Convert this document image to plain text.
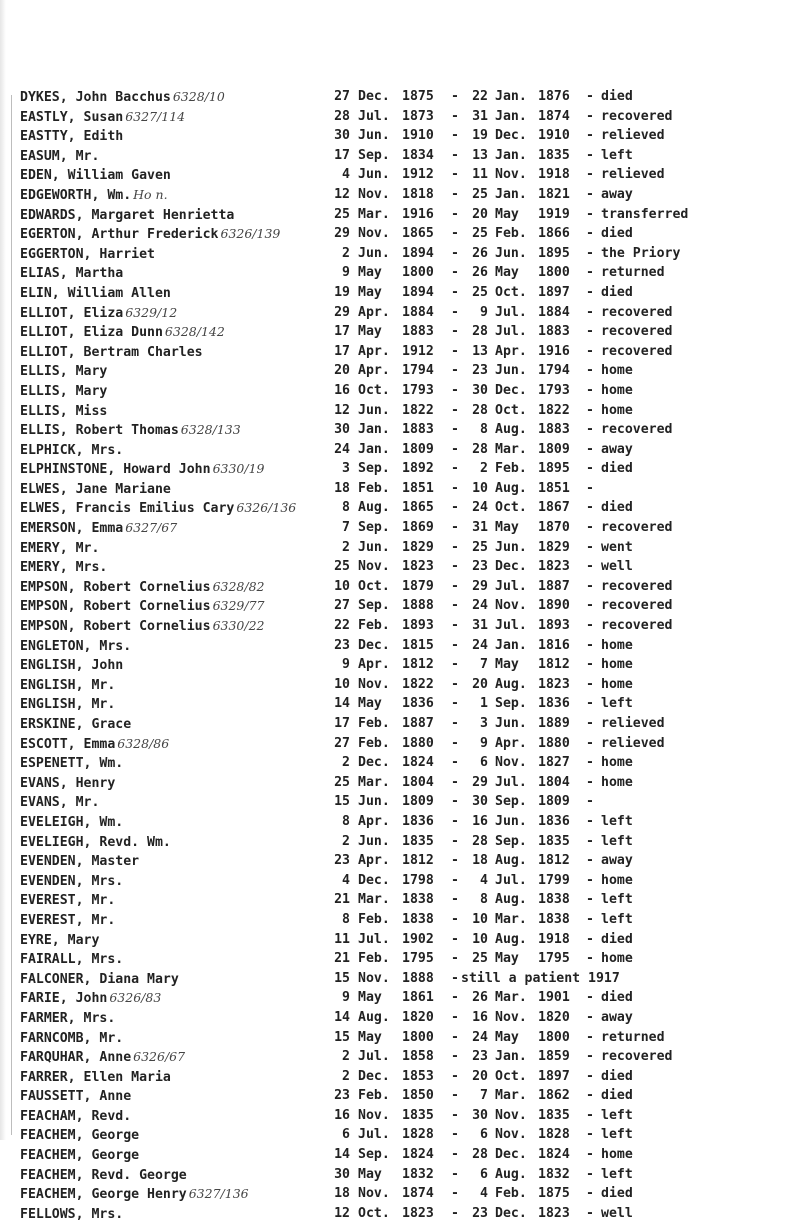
DYKES, John Bacchus 6328/10	27 Dec. 1875 - 22 Jan. 1876 - died
EASTLY, Susan 6327/114	28 Jul. 1873 - 31 Jan. 1874 - recovered
EASTTY, Edith	30 Jun. 1910 - 19 Dec. 1910 - relieved
EASUM, Mr.	17 Sep. 1834 - 13 Jan. 1835 - left
EDEN, William Gaven	4 Jun. 1912 - 11 Nov. 1918 - relieved
EDGEWORTH, Wm. Ho n.	12 Nov. 1818 - 25 Jan. 1821 - away
EDWARDS, Margaret Henrietta	25 Mar. 1916 - 20 May 1919 - transferred
EGERTON, Arthur Frederick 6326/139	29 Nov. 1865 - 25 Feb. 1866 - died
EGGERTON, Harriet	2 Jun. 1894 - 26 Jun. 1895 - the Priory
ELIAS, Martha	9 May 1800 - 26 May 1800 - returned
ELIN, William Allen	19 May 1894 - 25 Oct. 1897 - died
ELLIOT, Eliza 6329/12	29 Apr. 1884 -	9 Jul. 1884 - recovered
ELLIOT, Eliza Dunn 6328/142	17 May 1883 - 28 Jul. 1883 - recovered
ELLIOT, Bertram Charles	17 Apr. 1912 - 13 Apr. 1916 - recovered
ELLIS, Mary	20 Apr. 1794 - 23 Jun. 1794 - home
ELLIS, Mary	16 Oct. 1793 - 30 Dec. 1793 - home
ELLIS, Miss	12 Jun. 1822 - 28 Oct. 1822 - home
ELLIS, Robert Thomas 6328/133	30 Jan. 1883 -	8 Aug. 1883 - recovered
ELPHICK, Mrs.	24 Jan. 1809 - 28 Mar. 1809 - away
ELPHINSTONE, Howard John 6330/19	3 Sep. 1892 -	2 Feb. 1895 - died
ELWES, Jane Mariane	18 Feb. 1851 - 10 Aug. 1851 -
ELWES, Francis Emilius Cary 6326/136	8 Aug. 1865 - 24 Oct. 1867 - died
EMERSON, Emma 6327/67	7 Sep. 1869 - 31 May 1870 - recovered
EMERY, Mr.	2 Jun. 1829 - 25 Jun. 1829 - went
EMERY, Mrs.	25 Nov. 1823 - 23 Dec. 1823 - well
EMPSON, Robert Cornelius 6328/82	10 Oct. 1879 - 29 Jul. 1887 - recovered
EMPSON, Robert Cornelius 6329/77	27 Sep. 1888 - 24 Nov. 1890 - recovered
EMPSON, Robert Cornelius 6330/22	22 Feb. 1893 - 31 Jul. 1893 - recovered
ENGLETON, Mrs.	23 Dec. 1815 - 24 Jan. 1816 - home
ENGLISH, John	9 Apr. 1812 -	7 May 1812 - home
ENGLISH, Mr.	10 Nov. 1822 - 20 Aug. 1823 - home
ENGLISH, Mr.	14 May 1836 -	1 Sep. 1836 - left
ERSKINE, Grace	17 Feb. 1887 -	3 Jun. 1889 - relieved
ESCOTT, Emma 6328/86	27 Feb. 1880 -	9 Apr. 1880 - relieved
ESPENETT, Wm.	2 Dec. 1824 -	6 Nov. 1827 - home
EVANS, Henry	25 Mar. 1804 - 29 Jul. 1804 - home
EVANS, Mr.	15 Jun. 1809 - 30 Sep. 1809 -
EVELEIGH, Wm.	8 Apr. 1836 - 16 Jun. 1836 - left
EVELIEGH, Revd. Wm.	2 Jun. 1835 - 28 Sep. 1835 - left
EVENDEN, Master	23 Apr. 1812 - 18 Aug. 1812 - away
EVENDEN, Mrs.	4 Dec. 1798 -	4 Jul. 1799 - home
EVEREST, Mr.	21 Mar. 1838 -	8 Aug. 1838 - left
EVEREST, Mr.	8 Feb. 1838 - 10 Mar. 1838 - left
EYRE, Mary	11 Jul. 1902 - 10 Aug. 1918 - died
FAIRALL, Mrs.	21 Feb. 1795 - 25 May 1795 - home
FALCONER, Diana Mary	15 Nov. 1888 - still a patient 1917
FARIE, John 6326/83	9 May 1861 - 26 Mar. 1901 - died
FARMER, Mrs.	14 Aug. 1820 - 16 Nov. 1820 - away
FARNCOMB, Mr.	15 May 1800 - 24 May 1800 - returned
FARQUHAR, Anne 6326/67	2 Jul. 1858 - 23 Jan. 1859 - recovered
FARRER, Ellen Maria	2 Dec. 1853 - 20 Oct. 1897 - died
FAUSSETT, Anne	23 Feb. 1850 -	7 Mar. 1862 - died
FEACHAM, Revd.	16 Nov. 1835 - 30 Nov. 1835 - left
FEACHEM, George	6 Jul. 1828 -	6 Nov. 1828 - left
FEACHEM, George	14 Sep. 1824 - 28 Dec. 1824 - home
FEACHEM, Revd. George	30 May 1832 -	6 Aug. 1832 - left
FEACHEM, George Henry 6327/136	18 Nov. 1874 -	4 Feb. 1875 - died
FELLOWS, Mrs.	12 Oct. 1823 - 23 Dec. 1823 - well
